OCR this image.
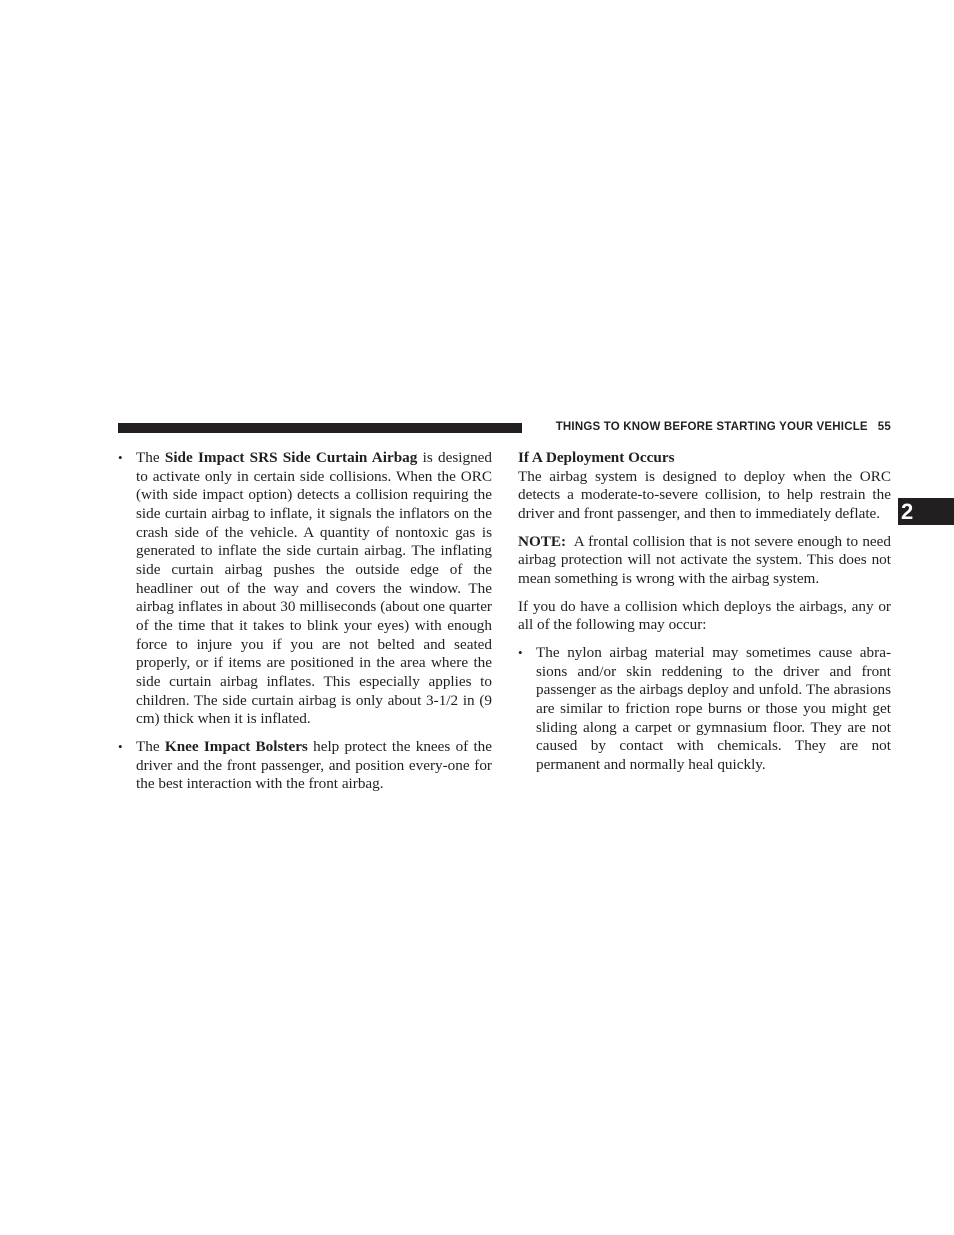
THINGS TO KNOW BEFORE STARTING YOUR VEHICLE 55
2
• The Side Impact SRS Side Curtain Airbag is designed to activate only in certain side collisions. When the ORC (with side impact option) detects a collision requiring the side curtain airbag to inflate, it signals the inflators on the crash side of the vehicle. A quantity of nontoxic gas is generated to inflate the side curtain airbag. The inflating side curtain airbag pushes the outside edge of the headliner out of the way and covers the window. The airbag inflates in about 30 milliseconds (about one quarter of the time that it takes to blink your eyes) with enough force to injure you if you are not belted and seated properly, or if items are positioned in the area where the side curtain airbag inflates. This especially applies to children. The side curtain airbag is only about 3-1/2 in (9 cm) thick when it is inflated.
• The Knee Impact Bolsters help protect the knees of the driver and the front passenger, and position every-one for the best interaction with the front airbag.
If A Deployment Occurs

The airbag system is designed to deploy when the ORC detects a moderate-to-severe collision, to help restrain the driver and front passenger, and then to immediately deflate.

NOTE: A frontal collision that is not severe enough to need airbag protection will not activate the system. This does not mean something is wrong with the airbag system.

If you do have a collision which deploys the airbags, any or all of the following may occur:

• The nylon airbag material may sometimes cause abra-sions and/or skin reddening to the driver and front passenger as the airbags deploy and unfold. The abrasions are similar to friction rope burns or those you might get sliding along a carpet or gymnasium floor. They are not caused by contact with chemicals. They are not permanent and normally heal quickly.
